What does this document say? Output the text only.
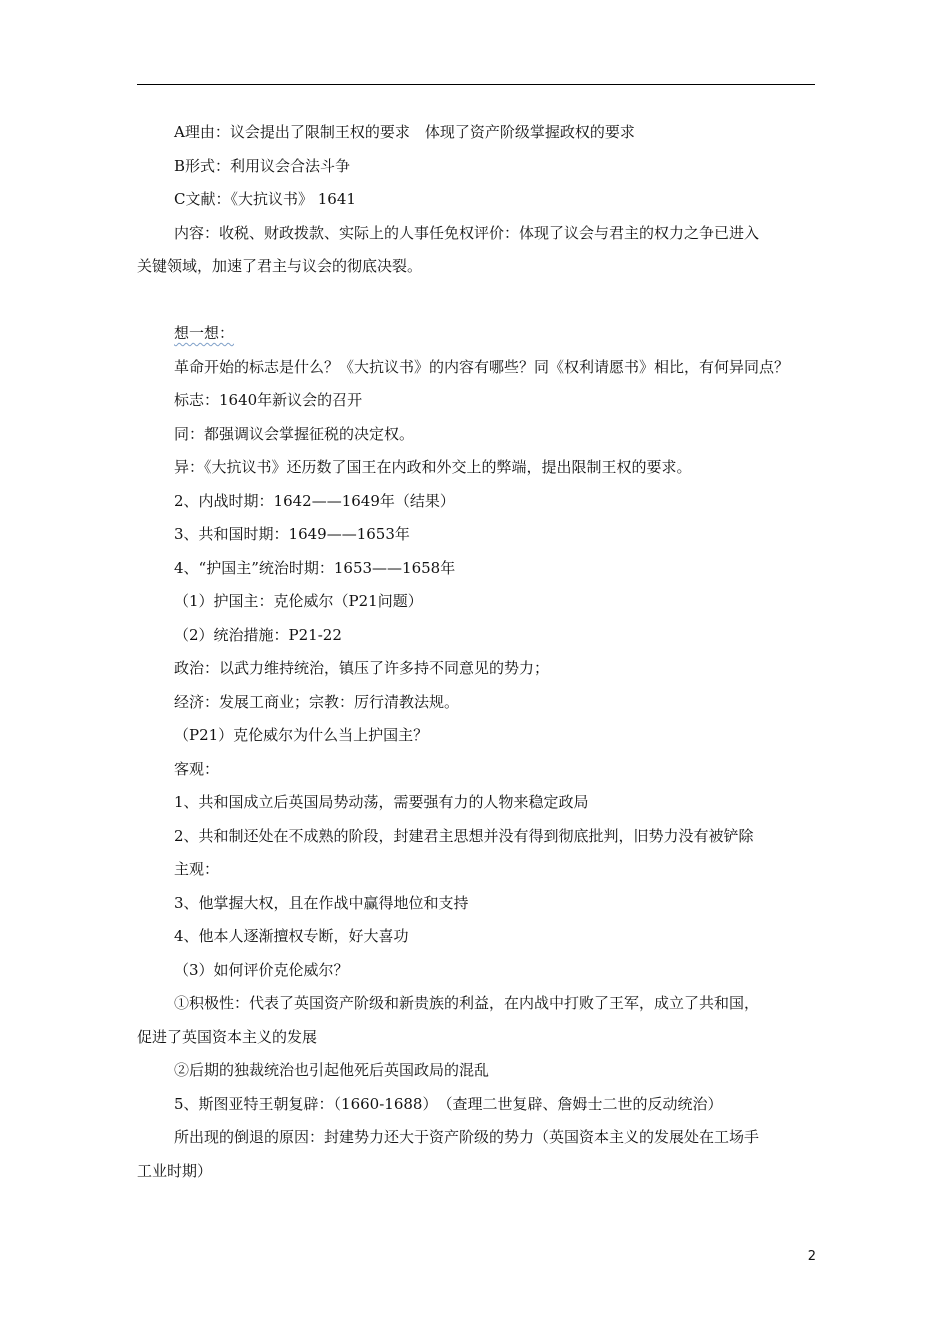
A理由：议会提出了限制王权的要求　体现了资产阶级掌握政权的要求
B形式：利用议会合法斗争
C文献：《大抗议书》 1641
内容：收税、财政拨款、实际上的人事任免权评价：体现了议会与君主的权力之争已进入
关键领域，加速了君主与议会的彻底决裂。
想一想：
革命开始的标志是什么？《大抗议书》的内容有哪些？同《权利请愿书》相比，有何异同点？
标志：1640年新议会的召开
同：都强调议会掌握征税的决定权。
异：《大抗议书》还历数了国王在内政和外交上的弊端，提出限制王权的要求。
2、内战时期：1642——1649年（结果）
3、共和国时期：1649——1653年
4、“护国主”统治时期：1653——1658年
（1）护国主：克伦威尔（P21问题）
（2）统治措施：P21-22
政治：以武力维持统治，镇压了许多持不同意见的势力；
经济：发展工商业；宗教：厉行清教法规。
（P21）克伦威尔为什么当上护国主？
客观：
1、共和国成立后英国局势动荡，需要强有力的人物来稳定政局
2、共和制还处在不成熟的阶段，封建君主思想并没有得到彻底批判，旧势力没有被铲除
主观：
3、他掌握大权，且在作战中赢得地位和支持
4、他本人逐渐擅权专断，好大喜功
（3）如何评价克伦威尔？
①积极性：代表了英国资产阶级和新贵族的利益，在内战中打败了王军，成立了共和国，
促进了英国资本主义的发展
②后期的独裁统治也引起他死后英国政局的混乱
5、斯图亚特王朝复辟：（1660-1688）　（查理二世复辟、詹姆士二世的反动统治）
所出现的倒退的原因：封建势力还大于资产阶级的势力（英国资本主义的发展处在工场手
工业时期）
2
